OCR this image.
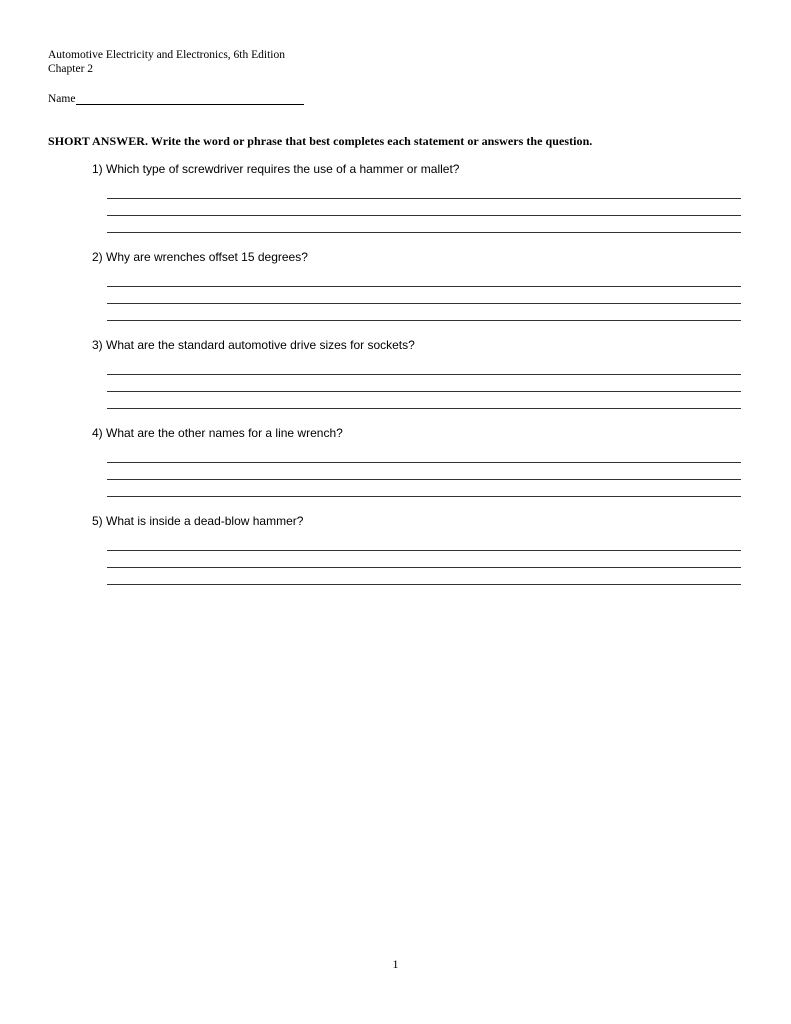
Automotive Electricity and Electronics, 6th Edition
Chapter 2
Name
SHORT ANSWER. Write the word or phrase that best completes each statement or answers the question.
1) Which type of screwdriver requires the use of a hammer or mallet?
2) Why are wrenches offset 15 degrees?
3) What are the standard automotive drive sizes for sockets?
4) What are the other names for a line wrench?
5) What is inside a dead-blow hammer?
1
